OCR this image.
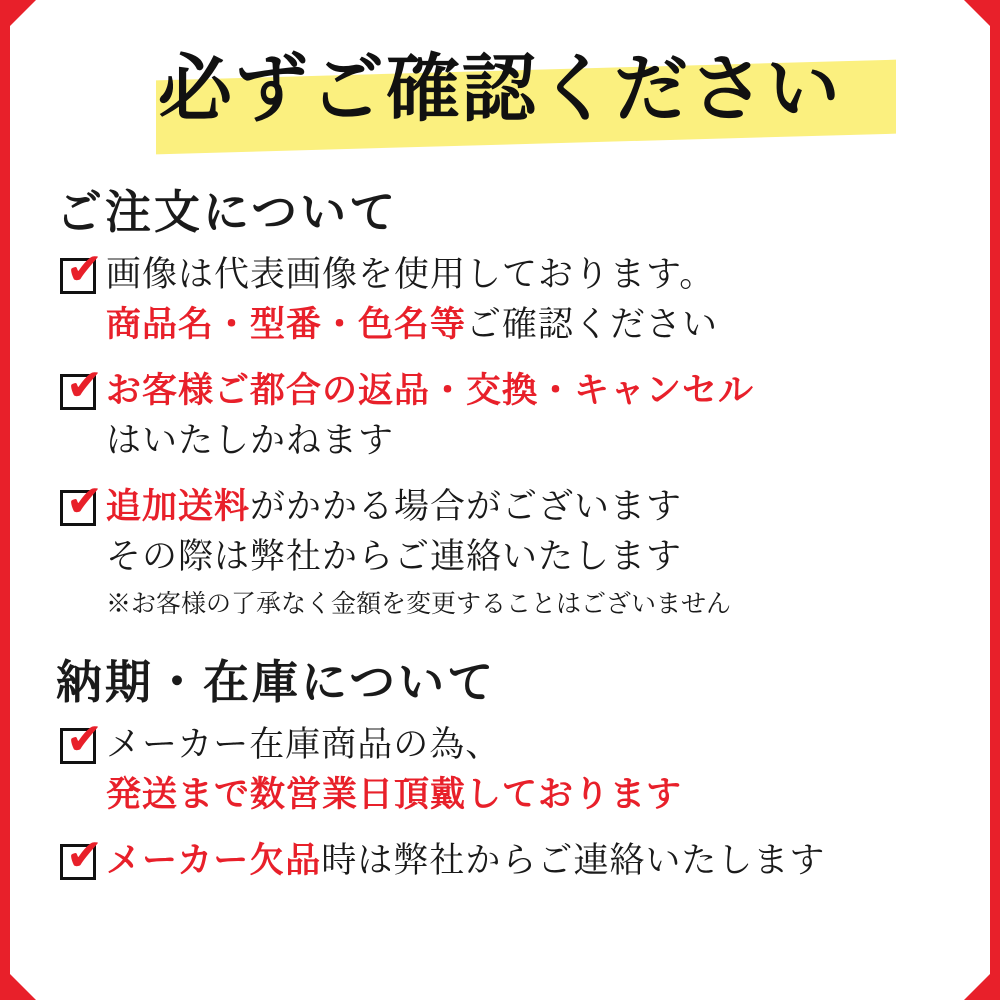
必ずご確認ください
ご注文について
✔ 画像は代表画像を使用しております。
商品名・型番・色名等ご確認ください
✔ お客様ご都合の返品・交換・キャンセル
はいたしかねます
✔ 追加送料がかかる場合がございます
その際は弊社からご連絡いたします
※お客様の了承なく金額を変更することはございません
納期・在庫について
✔ メーカー在庫商品の為、
発送まで数営業日頂戴しております
✔ メーカー欠品時は弊社からご連絡いたします
